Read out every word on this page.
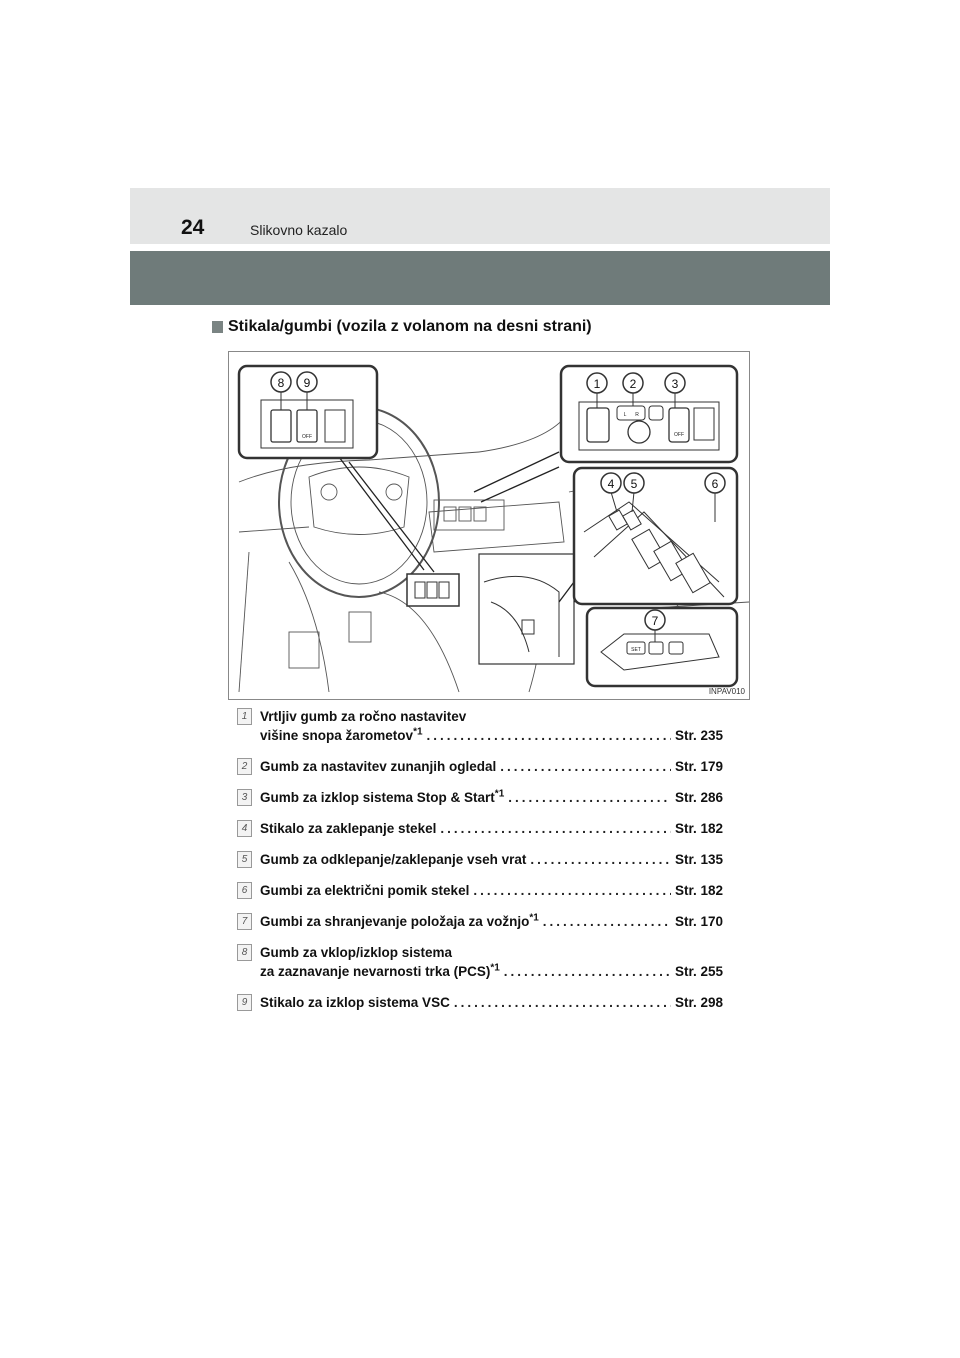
24	Slikovno kazalo
Stikala/gumbi (vozila z volanom na desni strani)
8 9	1 2	3
4 5	6
7
OFF	OFF
L R
SET
INPAV010
1 Vrtljiv gumb za ročno nastavitev
višine snopa žarometov$^{*1}$ .....	Str. 235
2 Gumb za nastavitev zunanjih ogledal .....	Str. 179
3 Gumb za izklop sistema Stop & Start$^{*1}$ .....	Str. 286
4 Stikalo za zaklepanje stekel .....	Str. 182
5 Gumb za odklepanje/zaklepanje vseh vrat .....	Str. 135
6 Gumbi za električni pomik stekel .....	Str. 182
7 Gumbi za shranjevanje položaja za vožnjo$^{*1}$ .....	Str. 170
8 Gumb za vklop/izklop sistema
za zaznavanje nevarnosti trka (PCS)$^{*1}$ .....	Str. 255
9 Stikalo za izklop sistema VSC .....	Str. 298
